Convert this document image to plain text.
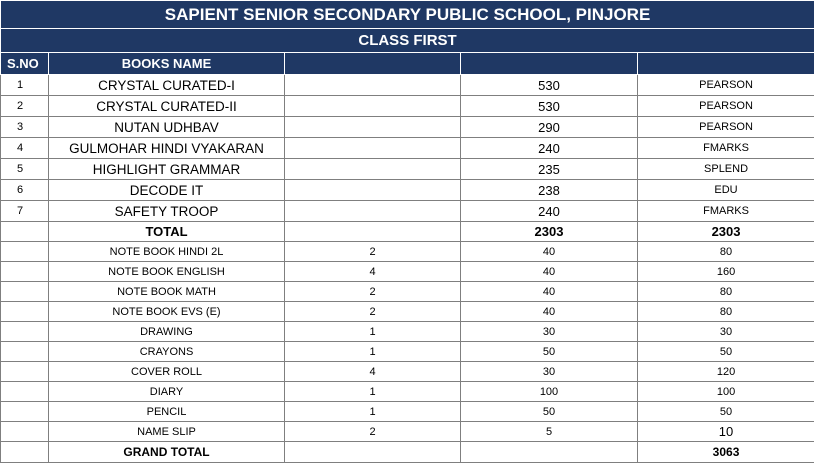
SAPIENT SENIOR SECONDARY PUBLIC SCHOOL, PINJORE				
CLASS FIRST				
S.NO	BOOKS NAME			
1	CRYSTAL CURATED-I		530	PEARSON
2	CRYSTAL CURATED-II		530	PEARSON
3	NUTAN UDHBAV		290	PEARSON
4	GULMOHAR HINDI VYAKARAN		240	FMARKS
5	HIGHLIGHT GRAMMAR		235	SPLEND
6	DECODE IT		238	EDU
7	SAFETY TROOP		240	FMARKS
	TOTAL		2303	2303
	NOTE BOOK HINDI 2L	2	40	80
	NOTE BOOK ENGLISH	4	40	160
	NOTE BOOK MATH	2	40	80
	NOTE BOOK EVS (E)	2	40	80
	DRAWING	1	30	30
	CRAYONS	1	50	50
	COVER ROLL	4	30	120
	DIARY	1	100	100
	PENCIL	1	50	50
	NAME SLIP	2	5	10
	GRAND TOTAL			3063
